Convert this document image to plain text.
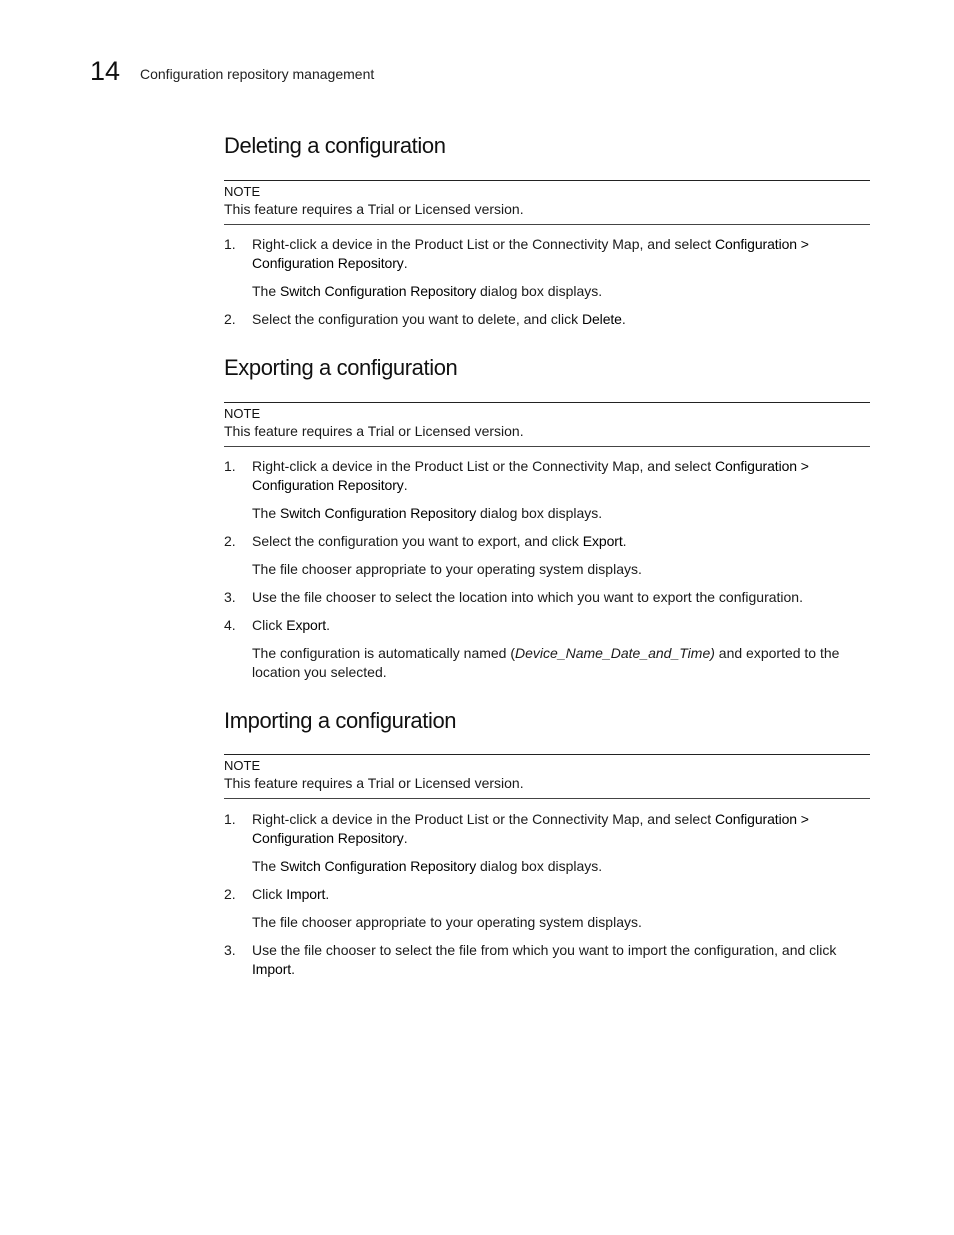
14 Configuration repository management
Deleting a configuration
NOTE
This feature requires a Trial or Licensed version.
1. Right-click a device in the Product List or the Connectivity Map, and select Configuration > Configuration Repository.
The Switch Configuration Repository dialog box displays.
2. Select the configuration you want to delete, and click Delete.
Exporting a configuration
NOTE
This feature requires a Trial or Licensed version.
1. Right-click a device in the Product List or the Connectivity Map, and select Configuration > Configuration Repository.
The Switch Configuration Repository dialog box displays.
2. Select the configuration you want to export, and click Export.
The file chooser appropriate to your operating system displays.
3. Use the file chooser to select the location into which you want to export the configuration.
4. Click Export.
The configuration is automatically named (Device_Name_Date_and_Time) and exported to the location you selected.
Importing a configuration
NOTE
This feature requires a Trial or Licensed version.
1. Right-click a device in the Product List or the Connectivity Map, and select Configuration > Configuration Repository.
The Switch Configuration Repository dialog box displays.
2. Click Import.
The file chooser appropriate to your operating system displays.
3. Use the file chooser to select the file from which you want to import the configuration, and click Import.
